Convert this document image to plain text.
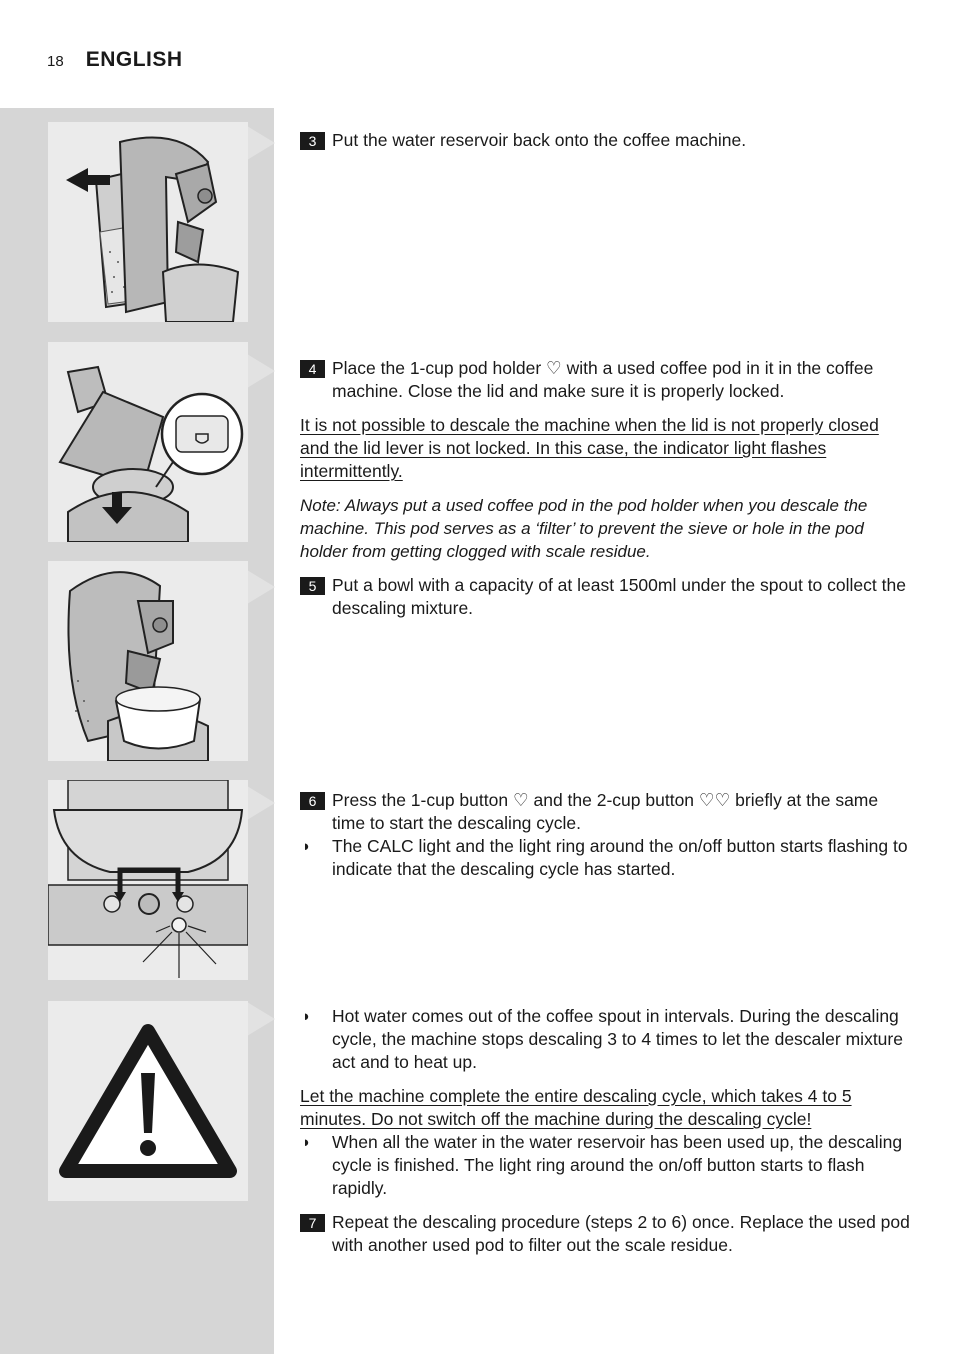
18 ENGLISH
3 Put the water reservoir back onto the coffee machine.
4 Place the 1-cup pod holder ♡ with a used coffee pod in it in the coffee machine. Close the lid and make sure it is properly locked.
It is not possible to descale the machine when the lid is not properly closed and the lid lever is not locked. In this case, the indicator light flashes intermittently.
Note: Always put a used coffee pod in the pod holder when you descale the machine. This pod serves as a ‘filter’ to prevent the sieve or hole in the pod holder from getting clogged with scale residue.
5 Put a bowl with a capacity of at least 1500ml under the spout to collect the descaling mixture.
6 Press the 1-cup button ♡ and the 2-cup button ♡♡ briefly at the same time to start the descaling cycle.
◗ The CALC light and the light ring around the on/off button starts flashing to indicate that the descaling cycle has started.
◗ Hot water comes out of the coffee spout in intervals. During the descaling cycle, the machine stops descaling 3 to 4 times to let the descaler mixture act and to heat up.
Let the machine complete the entire descaling cycle, which takes 4 to 5 minutes. Do not switch off the machine during the descaling cycle!
◗ When all the water in the water reservoir has been used up, the descaling cycle is finished. The light ring around the on/off button starts to flash rapidly.
7 Repeat the descaling procedure (steps 2 to 6) once. Replace the used pod with another used pod to filter out the scale residue.
